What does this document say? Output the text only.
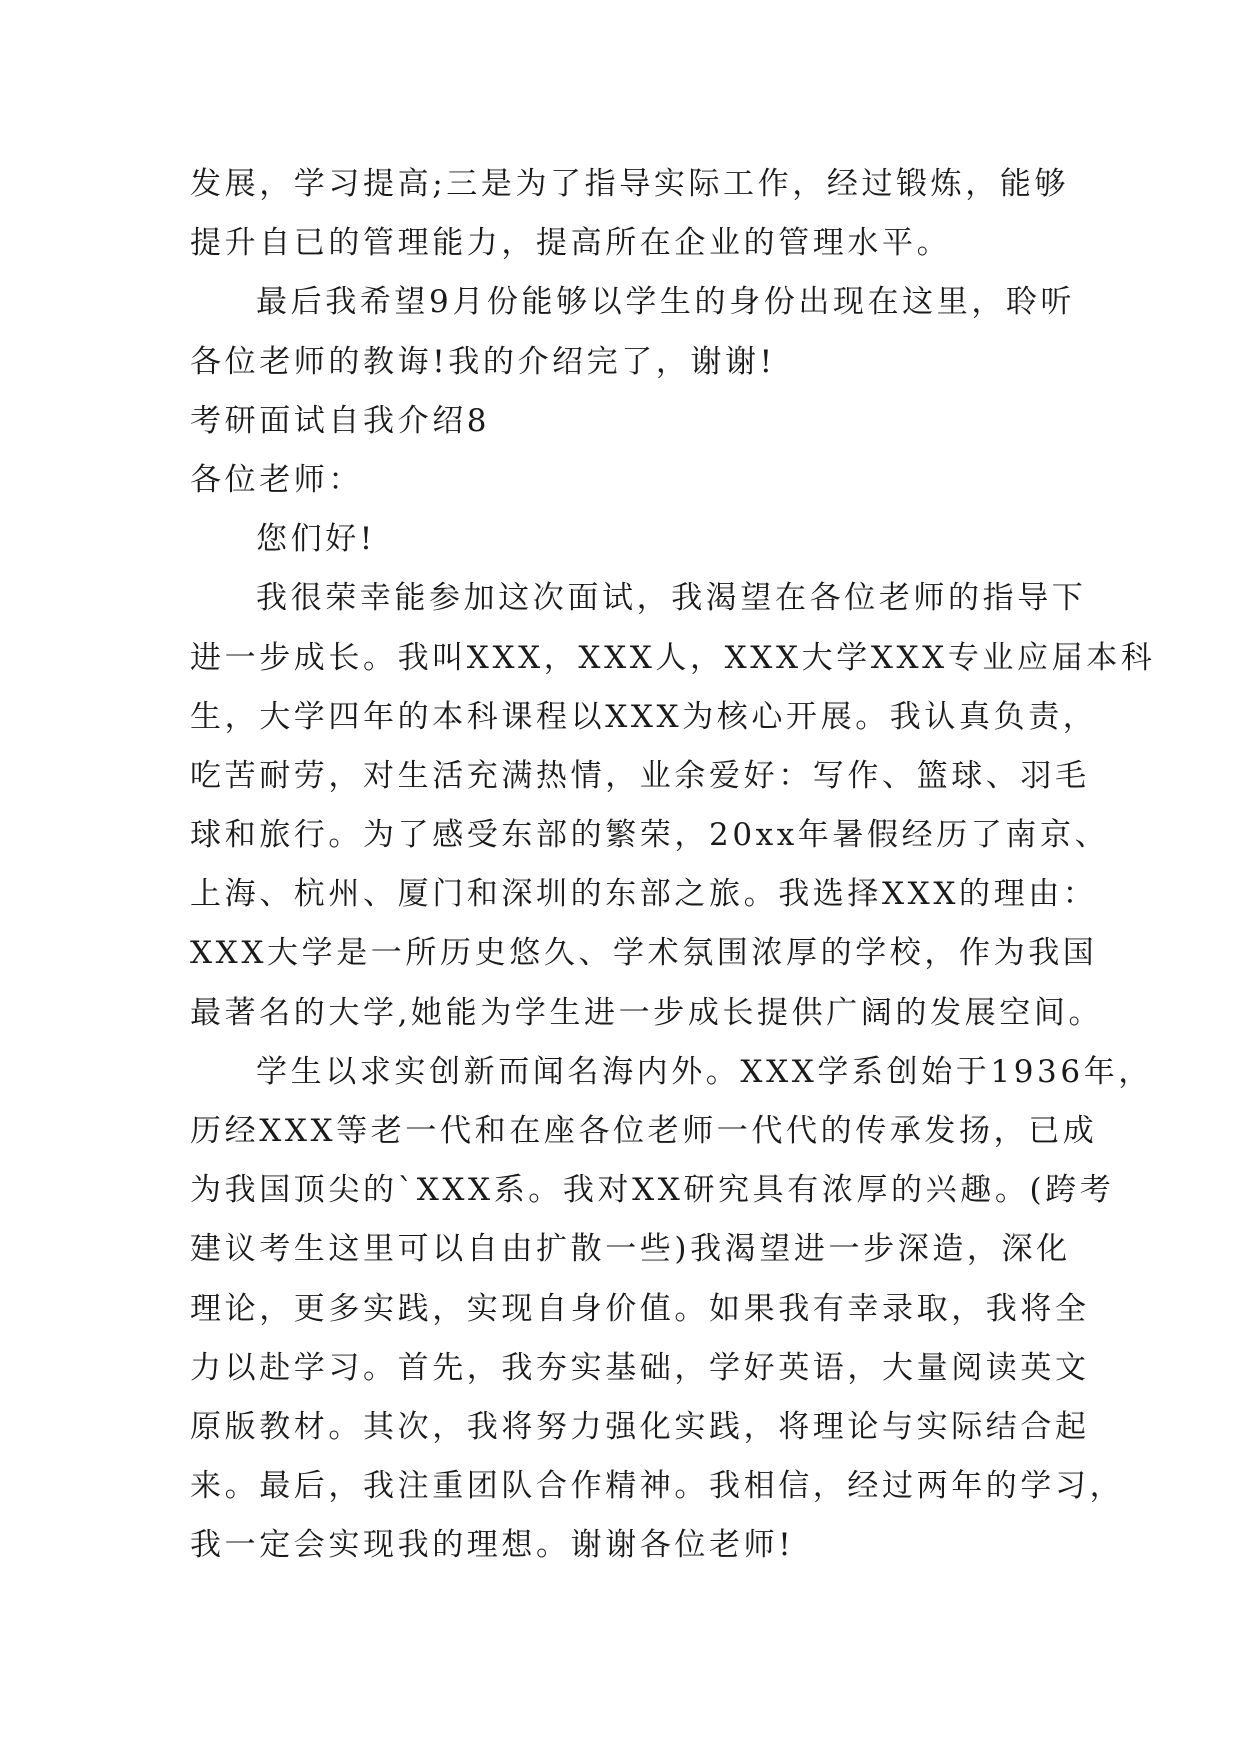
发展，学习提高;三是为了指导实际工作，经过锻炼，能够
提升自已的管理能力，提高所在企业的管理水平。
最后我希望9月份能够以学生的身份出现在这里，聆听
各位老师的教诲!我的介绍完了，谢谢!
考研面试自我介绍8
各位老师：
您们好!
我很荣幸能参加这次面试，我渴望在各位老师的指导下
进一步成长。我叫XXX，XXX人，XXX大学XXX专业应届本科
生，大学四年的本科课程以XXX为核心开展。我认真负责，
吃苦耐劳，对生活充满热情，业余爱好：写作、篮球、羽毛
球和旅行。为了感受东部的繁荣，20xx年暑假经历了南京、
上海、杭州、厦门和深圳的东部之旅。我选择XXX的理由：
XXX大学是一所历史悠久、学术氛围浓厚的学校，作为我国
最著名的大学,她能为学生进一步成长提供广阔的发展空间。
学生以求实创新而闻名海内外。XXX学系创始于1936年，
历经XXX等老一代和在座各位老师一代代的传承发扬，已成
为我国顶尖的`XXX系。我对XX研究具有浓厚的兴趣。(跨考
建议考生这里可以自由扩散一些)我渴望进一步深造，深化
理论，更多实践，实现自身价值。如果我有幸录取，我将全
力以赴学习。首先，我夯实基础，学好英语，大量阅读英文
原版教材。其次，我将努力强化实践，将理论与实际结合起
来。最后，我注重团队合作精神。我相信，经过两年的学习，
我一定会实现我的理想。谢谢各位老师!
